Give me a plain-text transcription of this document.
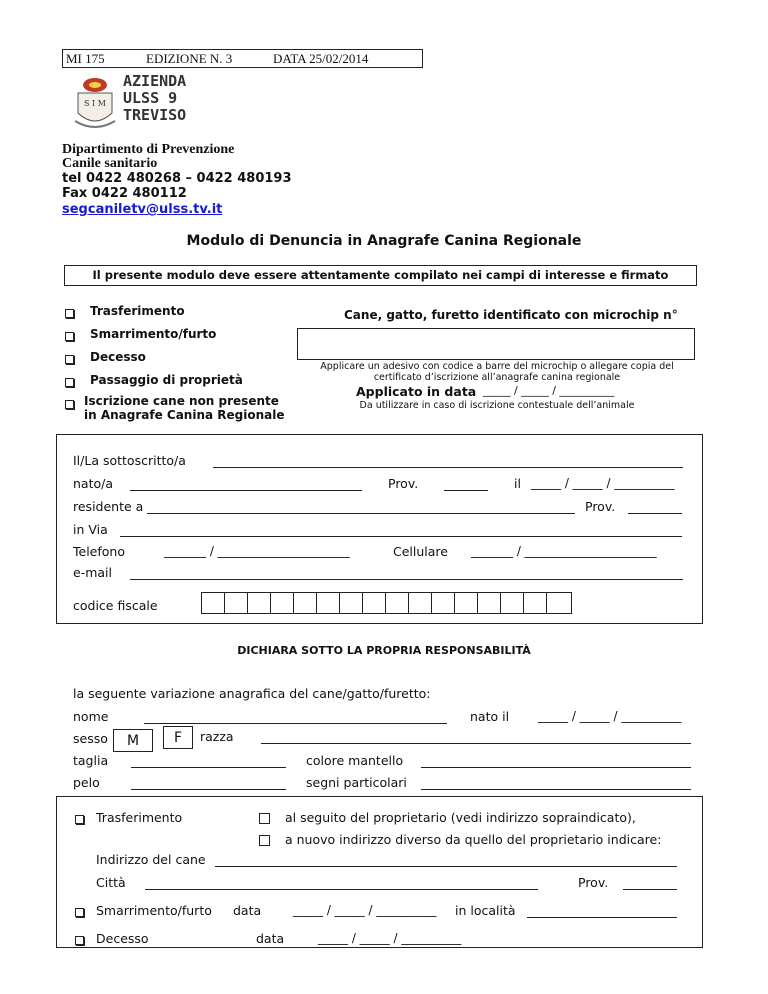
MI 175	EDIZIONE N. 3	DATA 25/02/2014
S I M
AZIENDA
ULSS 9
TREVISO
Dipartimento di Prevenzione
Canile sanitario
tel 0422 480268 – 0422 480193
Fax 0422 480112
segcaniletv@ulss.tv.it
Modulo di Denuncia in Anagrafe Canina Regionale
Il presente modulo deve essere attentamente compilato nei campi di interesse e firmato
Trasferimento
Smarrimento/furto
Decesso
Passaggio di proprietà
Iscrizione cane non presente
in Anagrafe Canina Regionale
Cane, gatto, furetto identificato con microchip n°
Applicare un adesivo con codice a barre del microchip o allegare copia del
certificato d’iscrizione all’anagrafe canina regionale
Applicato in data _____ / _____ / __________
Da utilizzare in caso di iscrizione contestuale dell’animale
Il/La sottoscritto/a
nato/a	Prov.	il _____ / _____ / __________
residente a	Prov.
in Via
Telefono	_______ / ______________________	Cellulare _______ / ______________________
e-mail
codice fiscale
DICHIARA SOTTO LA PROPRIA RESPONSABILITÀ
la seguente variazione anagrafica del cane/gatto/furetto:
nome	nato il _____ / _____ / __________
sesso	M	F	razza
taglia	colore mantello
pelo	segni particolari
Trasferimento	al seguito del proprietario (vedi indirizzo sopraindicato),
a nuovo indirizzo diverso da quello del proprietario indicare:
Indirizzo del cane
Città	Prov.
Smarrimento/furto data	_____ / _____ / __________ in località
Decesso	data	_____ / _____ / __________
